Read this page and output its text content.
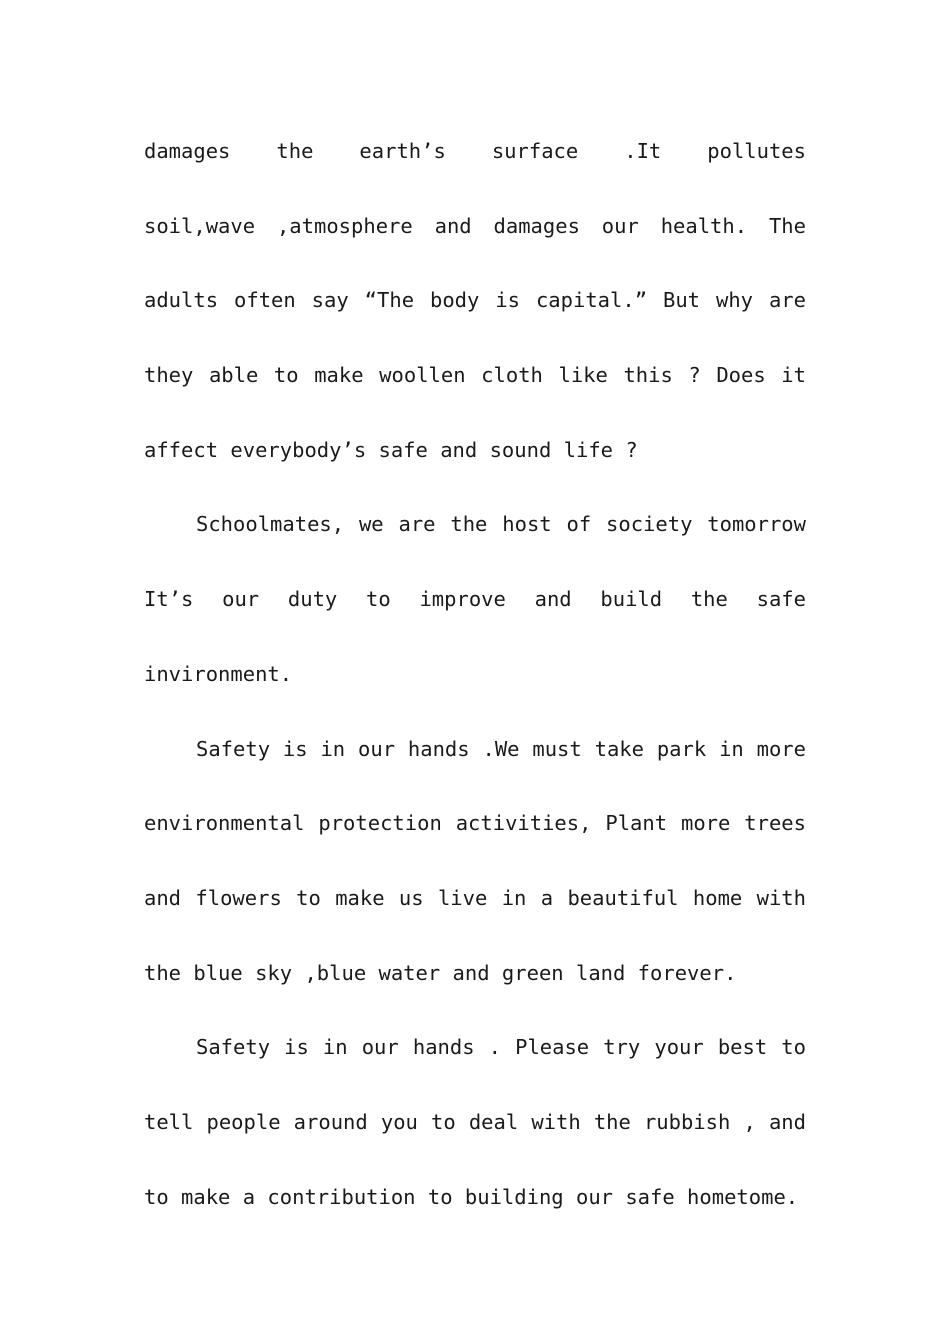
damages the earth’s surface .It pollutes
soil,wave ,atmosphere and damages our health. The
adults often say “The body is capital.” But why are
they able to make woollen cloth like this ? Does it
affect everybody’s safe and sound life ?
Schoolmates, we are the host of society tomorrow
It’s our duty to improve and build the safe
invironment.
Safety is in our hands .We must take park in more
environmental protection activities, Plant more trees
and flowers to make us live in a beautiful home with
the blue sky ,blue water and green land forever.
Safety is in our hands . Please try your best to
tell people around you to deal with the rubbish , and
to make a contribution to building our safe hometome.
